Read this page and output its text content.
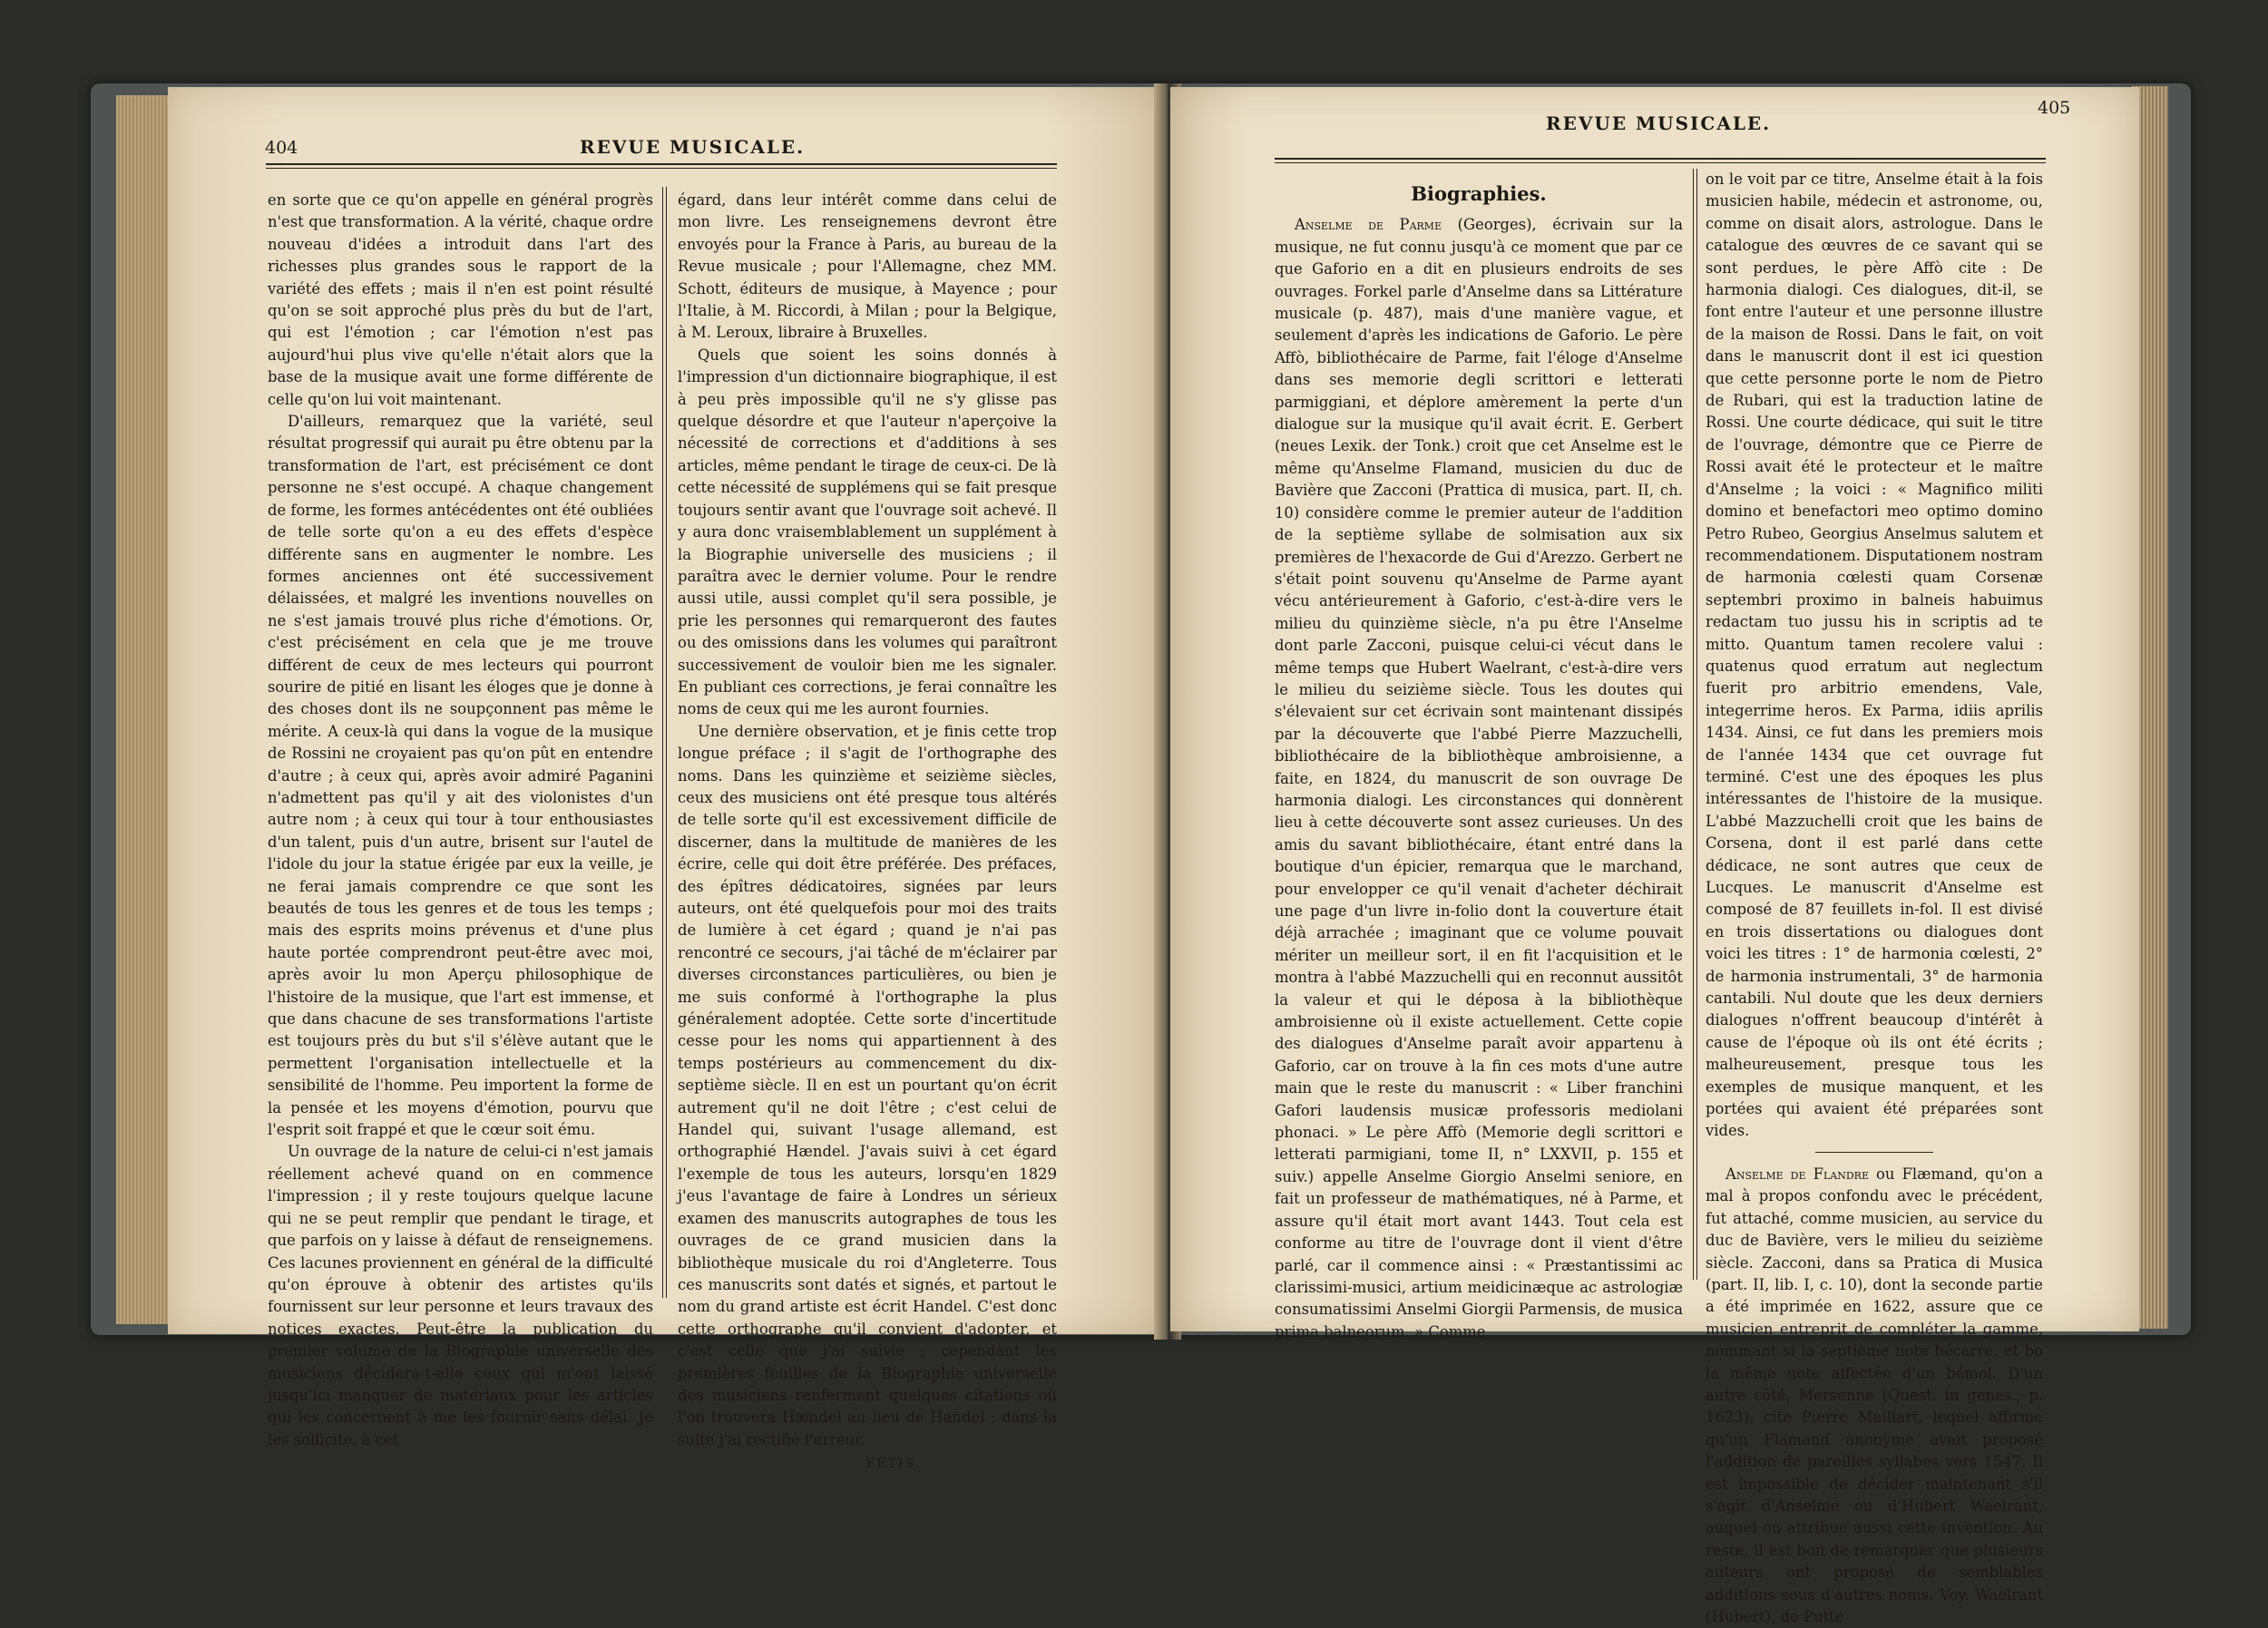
404	REVUE MUSICALE.

en sorte que ce qu'on appelle en général progrès n'est que transformation. A la vérité, chaque ordre nouveau d'idées a introduit dans l'art des richesses plus grandes sous le rapport de la variété des effets ; mais il n'en est point résulté qu'on se soit approché plus près du but de l'art, qui est l'émotion ; car l'émotion n'est pas aujourd'hui plus vive qu'elle n'était alors que la base de la musique avait une forme différente de celle qu'on lui voit maintenant.

D'ailleurs, remarquez que la variété, seul résultat progressif qui aurait pu être obtenu par la transformation de l'art, est précisément ce dont personne ne s'est occupé. A chaque changement de forme, les formes antécédentes ont été oubliées de telle sorte qu'on a eu des effets d'espèce différente sans en augmenter le nombre. Les formes anciennes ont été successivement délaissées, et malgré les inventions nouvelles on ne s'est jamais trouvé plus riche d'émotions. Or, c'est précisément en cela que je me trouve différent de ceux de mes lecteurs qui pourront sourire de pitié en lisant les éloges que je donne à des choses dont ils ne soupçonnent pas même le mérite. A ceux-là qui dans la vogue de la musique de Rossini ne croyaient pas qu'on pût en entendre d'autre ; à ceux qui, après avoir admiré Paganini n'admettent pas qu'il y ait des violonistes d'un autre nom ; à ceux qui tour à tour enthousiastes d'un talent, puis d'un autre, brisent sur l'autel de l'idole du jour la statue érigée par eux la veille, je ne ferai jamais comprendre ce que sont les beautés de tous les genres et de tous les temps ; mais des esprits moins prévenus et d'une plus haute portée comprendront peut-être avec moi, après avoir lu mon Aperçu philosophique de l'histoire de la musique, que l'art est immense, et que dans chacune de ses transformations l'artiste est toujours près du but s'il s'élève autant que le permettent l'organisation intellectuelle et la sensibilité de l'homme. Peu importent la forme de la pensée et les moyens d'émotion, pourvu que l'esprit soit frappé et que le cœur soit ému.

Un ouvrage de la nature de celui-ci n'est jamais réellement achevé quand on en commence l'impression ; il y reste toujours quelque lacune qui ne se peut remplir que pendant le tirage, et que parfois on y laisse à défaut de renseignemens. Ces lacunes proviennent en général de la difficulté qu'on éprouve à obtenir des artistes qu'ils fournissent sur leur personne et leurs travaux des notices exactes. Peut-être la publication du premier volume de la Biographie universelle des musiciens décidera-t-elle ceux qui m'ont laissé jusqu'ici manquer de matériaux pour les articles qui les concernent à me les fournir sans délai. Je les sollicite, à cet

égard, dans leur intérêt comme dans celui de mon livre. Les renseignemens devront être envoyés pour la France à Paris, au bureau de la Revue musicale ; pour l'Allemagne, chez MM. Schott, éditeurs de musique, à Mayence ; pour l'Italie, à M. Riccordi, à Milan ; pour la Belgique, à M. Leroux, libraire à Bruxelles.

Quels que soient les soins donnés à l'impression d'un dictionnaire biographique, il est à peu près impossible qu'il ne s'y glisse pas quelque désordre et que l'auteur n'aperçoive la nécessité de corrections et d'additions à ses articles, même pendant le tirage de ceux-ci. De là cette nécessité de supplémens qui se fait presque toujours sentir avant que l'ouvrage soit achevé. Il y aura donc vraisemblablement un supplément à la Biographie universelle des musiciens ; il paraîtra avec le dernier volume. Pour le rendre aussi utile, aussi complet qu'il sera possible, je prie les personnes qui remarqueront des fautes ou des omissions dans les volumes qui paraîtront successivement de vouloir bien me les signaler. En publiant ces corrections, je ferai connaître les noms de ceux qui me les auront fournies.

Une dernière observation, et je finis cette trop longue préface ; il s'agit de l'orthographe des noms. Dans les quinzième et seizième siècles, ceux des musiciens ont été presque tous altérés de telle sorte qu'il est excessivement difficile de discerner, dans la multitude de manières de les écrire, celle qui doit être préférée. Des préfaces, des épîtres dédicatoires, signées par leurs auteurs, ont été quelquefois pour moi des traits de lumière à cet égard ; quand je n'ai pas rencontré ce secours, j'ai tâché de m'éclairer par diverses circonstances particulières, ou bien je me suis conformé à l'orthographe la plus généralement adoptée. Cette sorte d'incertitude cesse pour les noms qui appartiennent à des temps postérieurs au commencement du dix-septième siècle. Il en est un pourtant qu'on écrit autrement qu'il ne doit l'être ; c'est celui de Handel qui, suivant l'usage allemand, est orthographié Hændel. J'avais suivi à cet égard l'exemple de tous les auteurs, lorsqu'en 1829 j'eus l'avantage de faire à Londres un sérieux examen des manuscrits autographes de tous les ouvrages de ce grand musicien dans la bibliothèque musicale du roi d'Angleterre. Tous ces manuscrits sont datés et signés, et partout le nom du grand artiste est écrit Handel. C'est donc cette orthographe qu'il convient d'adopter, et c'est celle que j'ai suivie ; cependant les premières feuilles de la Biographie universelle des musiciens renferment quelques citations où l'on trouvera Hændel au lieu de Handel ; dans la suite j'ai rectifié l'erreur.

FÉTIS.
REVUE MUSICALE.
405
Biographies.

Anselme de Parme (Georges), écrivain sur la musique, ne fut connu jusqu'à ce moment que par ce que Gaforio en a dit en plusieurs endroits de ses ouvrages. Forkel parle d'Anselme dans sa Littérature musicale (p. 487), mais d'une manière vague, et seulement d'après les indications de Gaforio. Le père Affò, bibliothécaire de Parme, fait l'éloge d'Anselme dans ses memorie degli scrittori e letterati parmiggiani, et déplore amèrement la perte d'un dialogue sur la musique qu'il avait écrit. E. Gerbert (neues Lexik. der Tonk.) croit que cet Anselme est le même qu'Anselme Flamand, musicien du duc de Bavière que Zacconi (Prattica di musica, part. II, ch. 10) considère comme le premier auteur de l'addition de la septième syllabe de solmisation aux six premières de l'hexacorde de Gui d'Arezzo. Gerbert ne s'était point souvenu qu'Anselme de Parme ayant vécu antérieurement à Gaforio, c'est-à-dire vers le milieu du quinzième siècle, n'a pu être l'Anselme dont parle Zacconi, puisque celui-ci vécut dans le même temps que Hubert Waelrant, c'est-à-dire vers le milieu du seizième siècle. Tous les doutes qui s'élevaient sur cet écrivain sont maintenant dissipés par la découverte que l'abbé Pierre Mazzuchelli, bibliothécaire de la bibliothèque ambroisienne, a faite, en 1824, du manuscrit de son ouvrage De harmonia dialogi. Les circonstances qui donnèrent lieu à cette découverte sont assez curieuses. Un des amis du savant bibliothécaire, étant entré dans la boutique d'un épicier, remarqua que le marchand, pour envelopper ce qu'il venait d'acheter déchirait une page d'un livre in-folio dont la couverture était déjà arrachée ; imaginant que ce volume pouvait mériter un meilleur sort, il en fit l'acquisition et le montra à l'abbé Mazzuchelli qui en reconnut aussitôt la valeur et qui le déposa à la bibliothèque ambroisienne où il existe actuellement. Cette copie des dialogues d'Anselme paraît avoir appartenu à Gaforio, car on trouve à la fin ces mots d'une autre main que le reste du manuscrit : « Liber franchini Gafori laudensis musicæ professoris mediolani phonaci. » Le père Affò (Memorie degli scrittori e letterati parmigiani, tome II, n° LXXVII, p. 155 et suiv.) appelle Anselme Giorgio Anselmi seniore, en fait un professeur de mathématiques, né à Parme, et assure qu'il était mort avant 1443. Tout cela est conforme au titre de l'ouvrage dont il vient d'être parlé, car il commence ainsi : « Præstantissimi ac clarissimi-musici, artium meidicinæque ac astrologiæ consumatissimi Anselmi Giorgii Parmensis, de musica prima balneorum. » Comme

on le voit par ce titre, Anselme était à la fois musicien habile, médecin et astronome, ou, comme on disait alors, astrologue. Dans le catalogue des œuvres de ce savant qui se sont perdues, le père Affò cite : De harmonia dialogi. Ces dialogues, dit-il, se font entre l'auteur et une personne illustre de la maison de Rossi. Dans le fait, on voit dans le manuscrit dont il est ici question que cette personne porte le nom de Pietro de Rubari, qui est la traduction latine de Rossi. Une courte dédicace, qui suit le titre de l'ouvrage, démontre que ce Pierre de Rossi avait été le protecteur et le maître d'Anselme ; la voici : « Magnifico militi domino et benefactori meo optimo domino Petro Rubeo, Georgius Anselmus salutem et recommendationem. Disputationem nostram de harmonia cœlesti quam Corsenæ septembri proximo in balneis habuimus redactam tuo jussu his in scriptis ad te mitto. Quantum tamen recolere valui : quatenus quod erratum aut neglectum fuerit pro arbitrio emendens, Vale, integerrime heros. Ex Parma, idiis aprilis 1434. Ainsi, ce fut dans les premiers mois de l'année 1434 que cet ouvrage fut terminé. C'est une des époques les plus intéressantes de l'histoire de la musique. L'abbé Mazzuchelli croit que les bains de Corsena, dont il est parlé dans cette dédicace, ne sont autres que ceux de Lucques. Le manuscrit d'Anselme est composé de 87 feuillets in-fol. Il est divisé en trois dissertations ou dialogues dont voici les titres : 1° de harmonia cœlesti, 2° de harmonia instrumentali, 3° de harmonia cantabili. Nul doute que les deux derniers dialogues n'offrent beaucoup d'intérêt à cause de l'époque où ils ont été écrits ; malheureusement, presque tous les exemples de musique manquent, et les portées qui avaient été préparées sont vides.

Anselme de Flandre ou Flæmand, qu'on a mal à propos confondu avec le précédent, fut attaché, comme musicien, au service du duc de Bavière, vers le milieu du seizième siècle. Zacconi, dans sa Pratica di Musica (part. II, lib. I, c. 10), dont la seconde partie a été imprimée en 1622, assure que ce musicien entreprit de compléter la gamme, nommant si la septième note bécarre, et bo la même note affectée d'un bémol. D'un autre côté, Mersenne (Quest. in genes., p. 1623), cite Pierre Maillart, lequel affirme qu'un Flamand anonyme avait proposé l'addition de pareilles syllabes vers 1547. Il est impossible de décider maintenant s'il s'agit d'Anselme ou d'Hubert Waelrant, auquel on attribue aussi cette invention. Au reste, il est bon de remarquer que plusieurs auteurs ont proposé de semblables additions sous d'autres noms. Voy. Waelrant (Hubert), de Putte
